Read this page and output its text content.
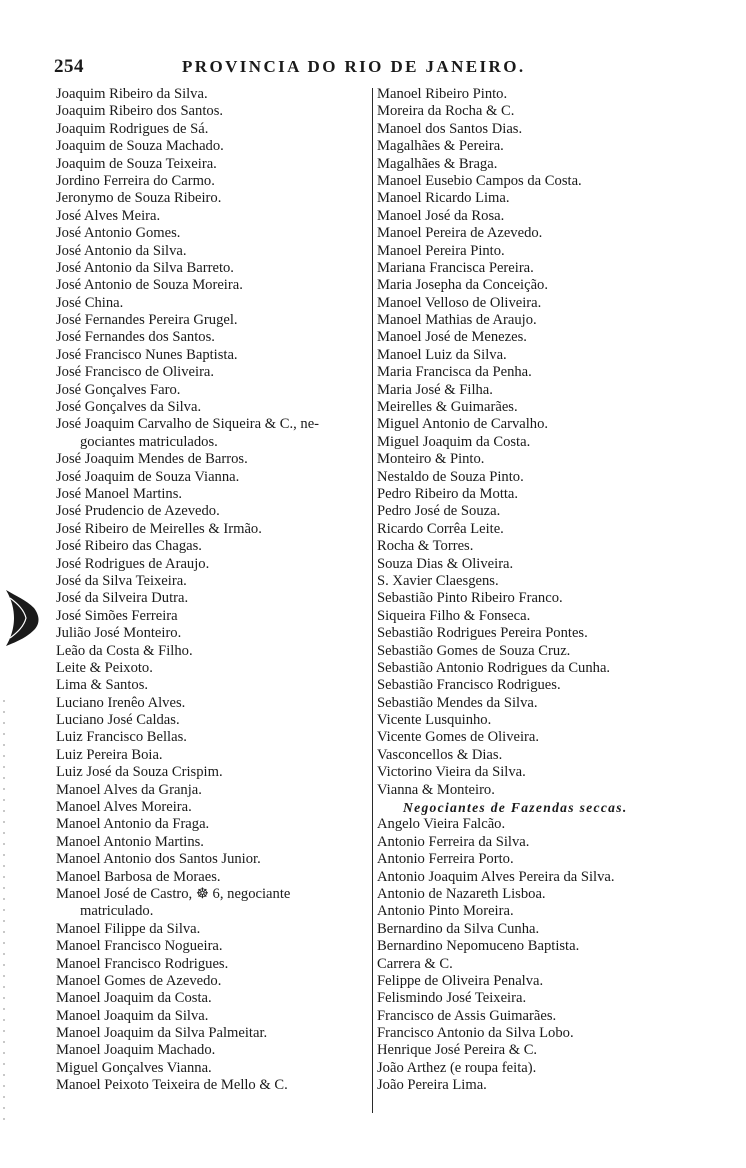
254	PROVINCIA DO RIO DE JANEIRO.
Joaquim Ribeiro da Silva.
Joaquim Ribeiro dos Santos.
Joaquim Rodrigues de Sá.
Joaquim de Souza Machado.
Joaquim de Souza Teixeira.
Jordino Ferreira do Carmo.
Jeronymo de Souza Ribeiro.
José Alves Meira.
José Antonio Gomes.
José Antonio da Silva.
José Antonio da Silva Barreto.
José Antonio de Souza Moreira.
José China.
José Fernandes Pereira Grugel.
José Fernandes dos Santos.
José Francisco Nunes Baptista.
José Francisco de Oliveira.
José Gonçalves Faro.
José Gonçalves da Silva.
José Joaquim Carvalho de Siqueira & C., ne-
gociantes matriculados.
José Joaquim Mendes de Barros.
José Joaquim de Souza Vianna.
José Manoel Martins.
José Prudencio de Azevedo.
José Ribeiro de Meirelles & Irmão.
José Ribeiro das Chagas.
José Rodrigues de Araujo.
José da Silva Teixeira.
José da Silveira Dutra.
José Simões Ferreira
Julião José Monteiro.
Leão da Costa & Filho.
Leite & Peixoto.
Lima & Santos.
Luciano Irenêo Alves.
Luciano José Caldas.
Luiz Francisco Bellas.
Luiz Pereira Boia.
Luiz José da Souza Crispim.
Manoel Alves da Granja.
Manoel Alves Moreira.
Manoel Antonio da Fraga.
Manoel Antonio Martins.
Manoel Antonio dos Santos Junior.
Manoel Barbosa de Moraes.
Manoel José de Castro, ☸ 6, negociante
matriculado.
Manoel Filippe da Silva.
Manoel Francisco Nogueira.
Manoel Francisco Rodrigues.
Manoel Gomes de Azevedo.
Manoel Joaquim da Costa.
Manoel Joaquim da Silva.
Manoel Joaquim da Silva Palmeitar.
Manoel Joaquim Machado.
Miguel Gonçalves Vianna.
Manoel Peixoto Teixeira de Mello & C.
Manoel Ribeiro Pinto.
Moreira da Rocha & C.
Manoel dos Santos Dias.
Magalhães & Pereira.
Magalhães & Braga.
Manoel Eusebio Campos da Costa.
Manoel Ricardo Lima.
Manoel José da Rosa.
Manoel Pereira de Azevedo.
Manoel Pereira Pinto.
Mariana Francisca Pereira.
Maria Josepha da Conceição.
Manoel Velloso de Oliveira.
Manoel Mathias de Araujo.
Manoel José de Menezes.
Manoel Luiz da Silva.
Maria Francisca da Penha.
Maria José & Filha.
Meirelles & Guimarães.
Miguel Antonio de Carvalho.
Miguel Joaquim da Costa.
Monteiro & Pinto.
Nestaldo de Souza Pinto.
Pedro Ribeiro da Motta.
Pedro José de Souza.
Ricardo Corrêa Leite.
Rocha & Torres.
Souza Dias & Oliveira.
S. Xavier Claesgens.
Sebastião Pinto Ribeiro Franco.
Siqueira Filho & Fonseca.
Sebastião Rodrigues Pereira Pontes.
Sebastião Gomes de Souza Cruz.
Sebastião Antonio Rodrigues da Cunha.
Sebastião Francisco Rodrigues.
Sebastião Mendes da Silva.
Vicente Lusquinho.
Vicente Gomes de Oliveira.
Vasconcellos & Dias.
Victorino Vieira da Silva.
Vianna & Monteiro.
Negociantes de Fazendas seccas.
Angelo Vieira Falcão.
Antonio Ferreira da Silva.
Antonio Ferreira Porto.
Antonio Joaquim Alves Pereira da Silva.
Antonio de Nazareth Lisboa.
Antonio Pinto Moreira.
Bernardino da Silva Cunha.
Bernardino Nepomuceno Baptista.
Carrera & C.
Felippe de Oliveira Penalva.
Felismindo José Teixeira.
Francisco de Assis Guimarães.
Francisco Antonio da Silva Lobo.
Henrique José Pereira & C.
João Arthez (e roupa feita).
João Pereira Lima.
